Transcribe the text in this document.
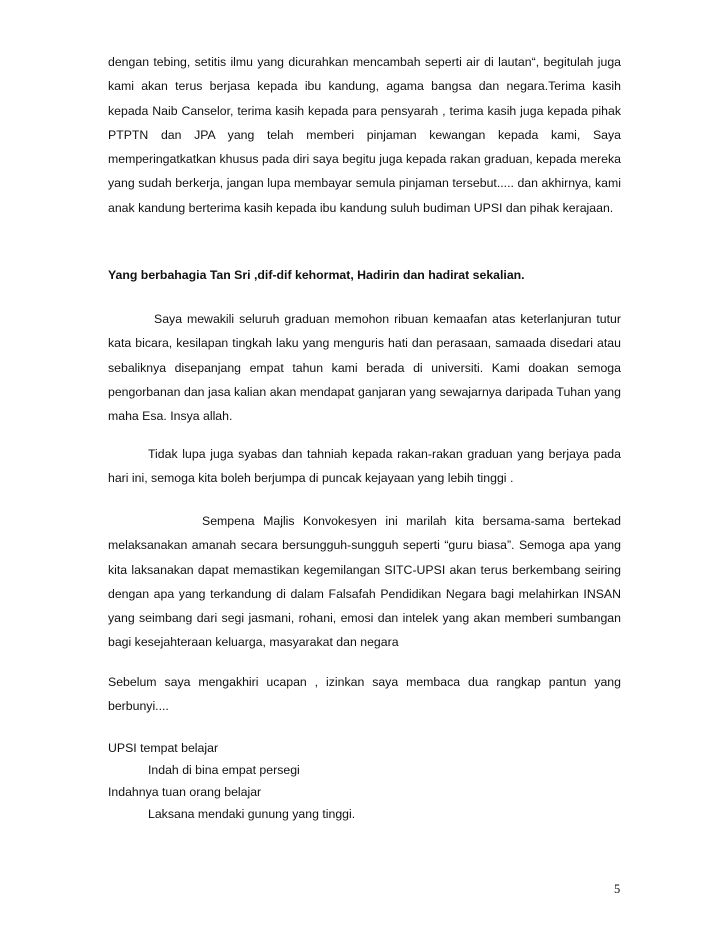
dengan tebing, setitis ilmu yang dicurahkan mencambah seperti air di lautan“, begitulah juga kami akan terus berjasa kepada ibu kandung, agama bangsa dan negara.Terima kasih kepada Naib Canselor, terima kasih kepada para pensyarah , terima kasih juga kepada pihak PTPTN dan JPA yang telah memberi pinjaman kewangan kepada kami, Saya memperingatkatkan khusus pada diri saya begitu juga kepada rakan graduan, kepada mereka yang sudah berkerja, jangan lupa membayar semula pinjaman tersebut..... dan akhirnya, kami anak kandung berterima kasih kepada ibu kandung suluh budiman UPSI dan pihak kerajaan.

Yang berbahagia Tan Sri ,dif-dif kehormat, Hadirin dan hadirat sekalian.

Saya mewakili seluruh graduan memohon ribuan kemaafan atas keterlanjuran tutur kata bicara, kesilapan tingkah laku yang menguris hati dan perasaan, samaada disedari atau sebaliknya disepanjang empat tahun kami berada di universiti. Kami doakan semoga pengorbanan dan jasa kalian akan mendapat ganjaran yang sewajarnya daripada Tuhan yang maha Esa. Insya allah.

Tidak lupa juga syabas dan tahniah kepada rakan-rakan graduan yang berjaya pada hari ini, semoga kita boleh berjumpa di puncak kejayaan yang lebih tinggi .

Sempena Majlis Konvokesyen ini marilah kita bersama-sama bertekad melaksanakan amanah secara bersungguh-sungguh seperti “guru biasa”. Semoga apa yang kita laksanakan dapat memastikan kegemilangan SITC-UPSI akan terus berkembang seiring dengan apa yang terkandung di dalam Falsafah Pendidikan Negara bagi melahirkan INSAN yang seimbang dari segi jasmani, rohani, emosi dan intelek yang akan memberi sumbangan bagi kesejahteraan keluarga, masyarakat dan negara

Sebelum saya mengakhiri ucapan , izinkan saya membaca dua rangkap pantun yang berbunyi....

UPSI tempat belajar
Indah di bina empat persegi
Indahnya tuan orang belajar
Laksana mendaki gunung yang tinggi.
5
